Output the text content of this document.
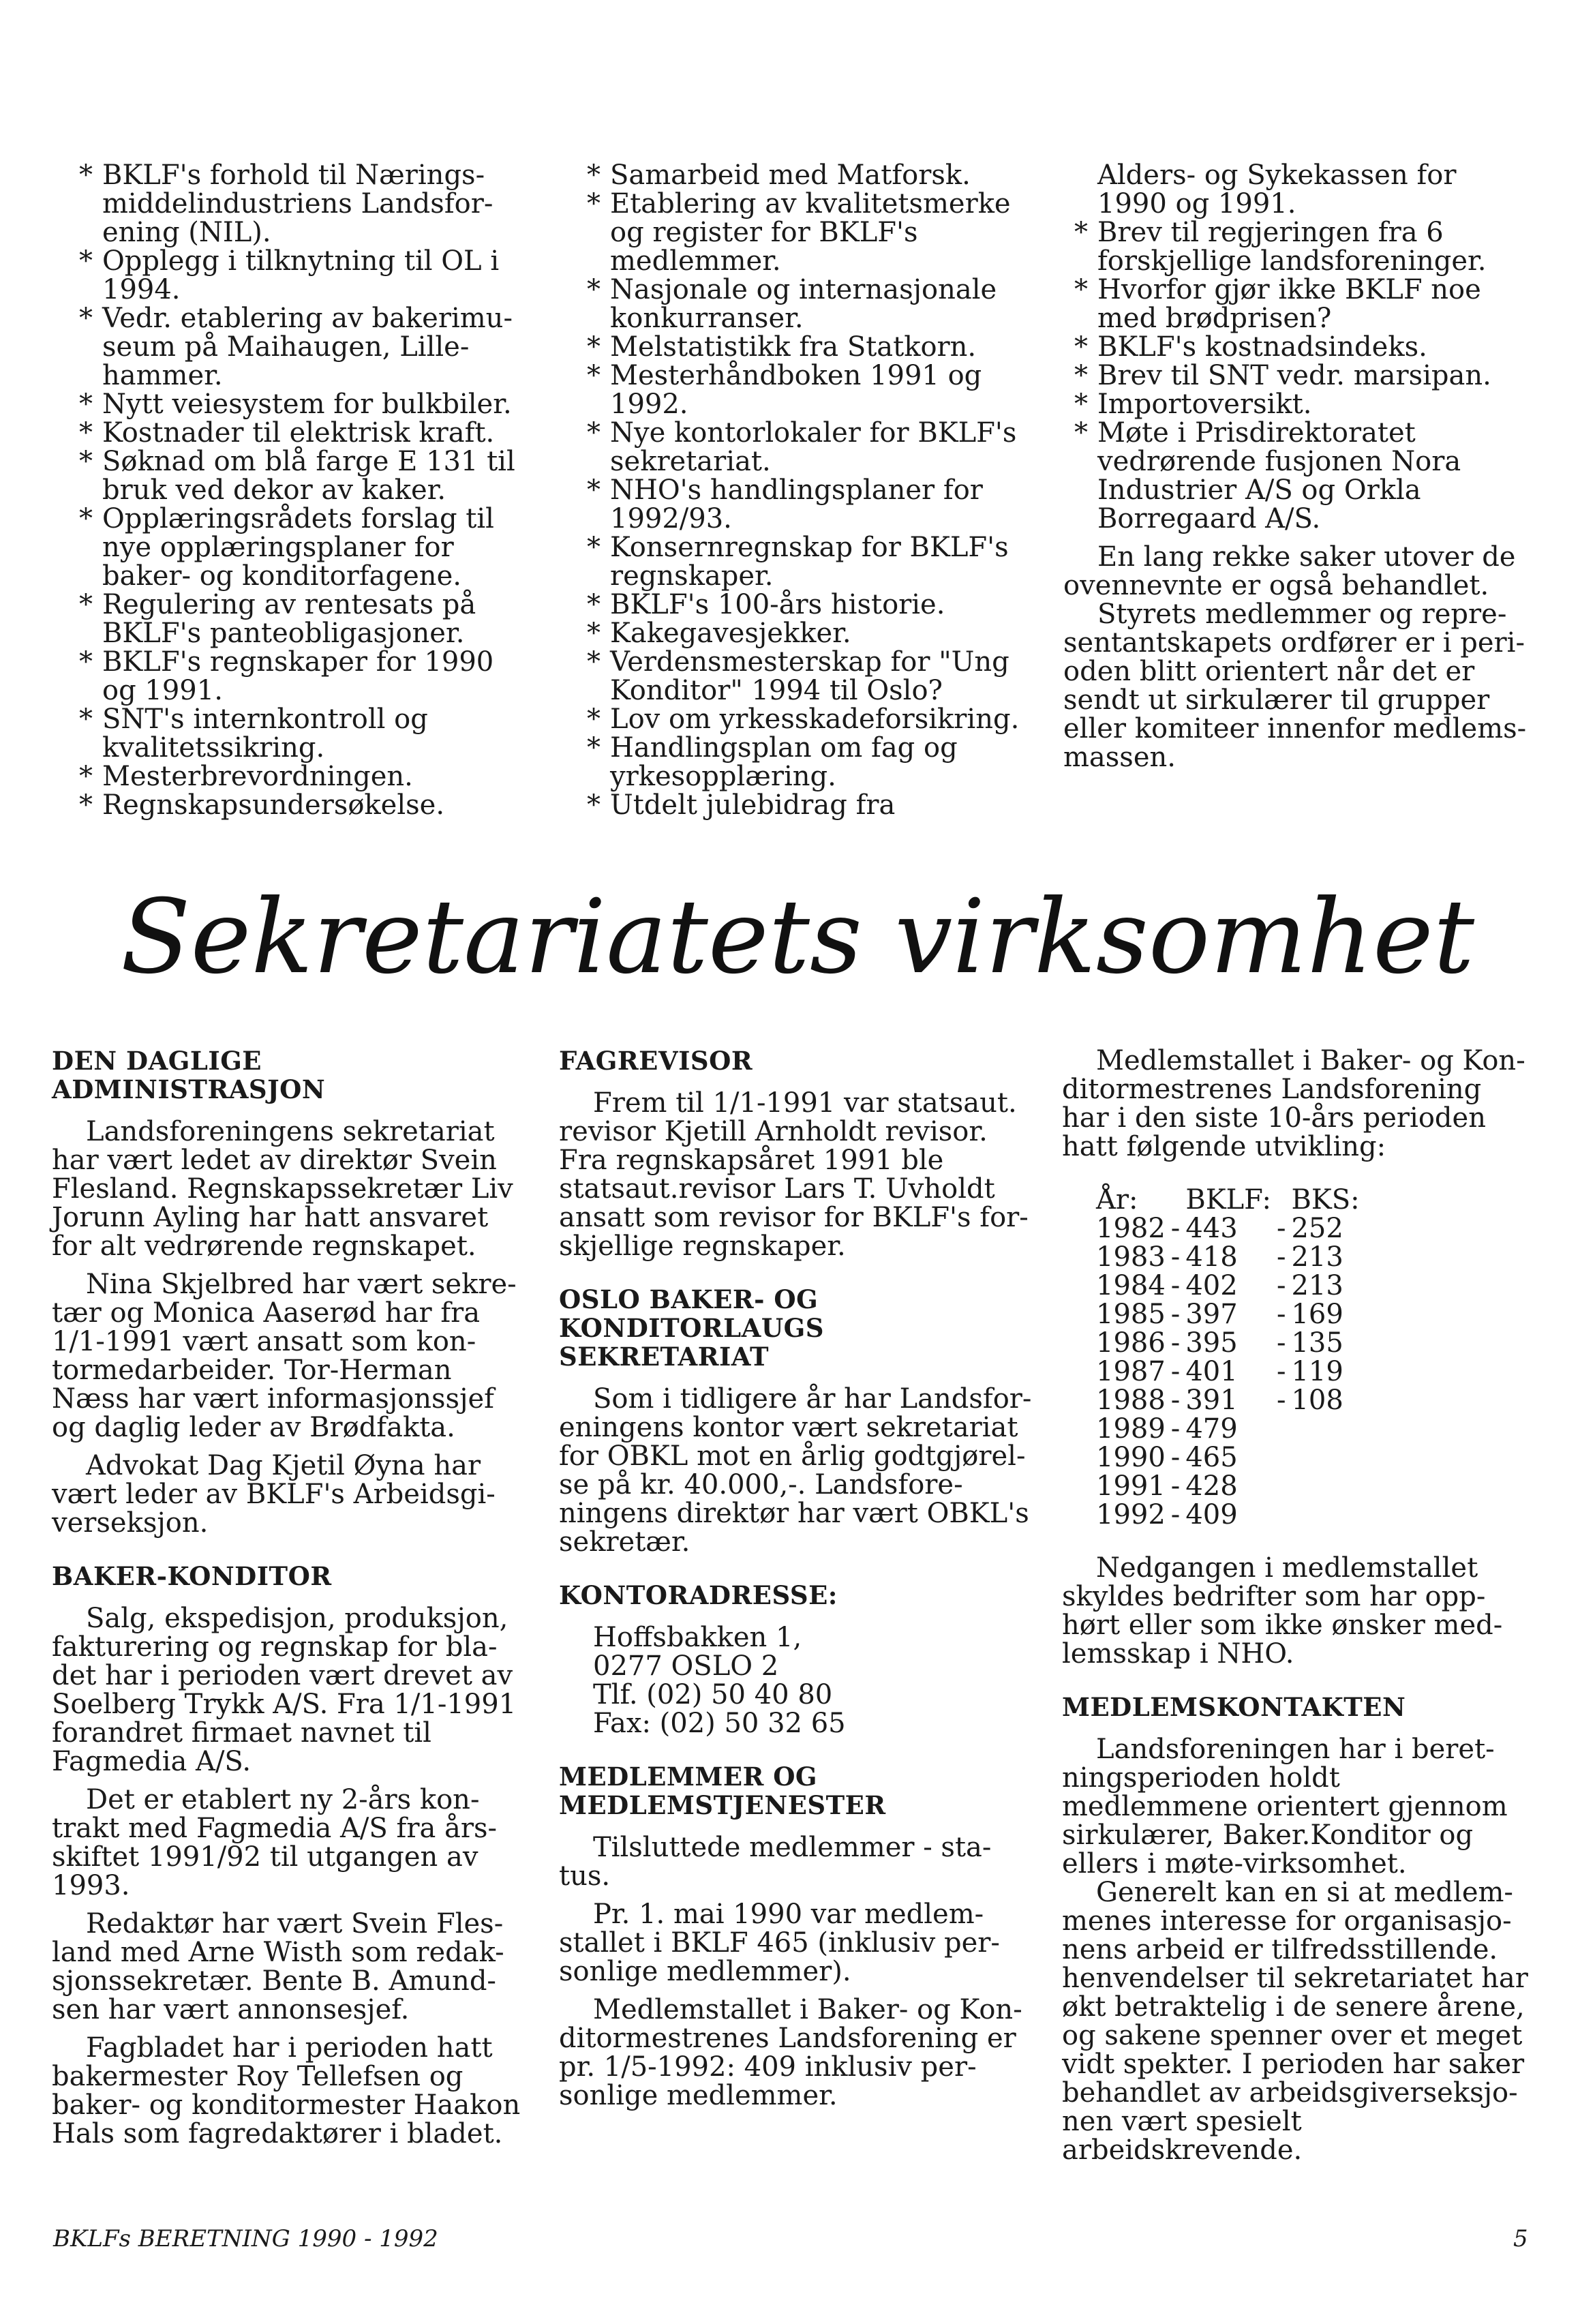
* BKLF's forhold til Nærings-middelindustriens Landsfor-ening (NIL).
* Opplegg i tilknytning til OL i 1994.
* Vedr. etablering av bakerimu-seum på Maihaugen, Lille-hammer.
* Nytt veiesystem for bulkbiler.
* Kostnader til elektrisk kraft.
* Søknad om blå farge E 131 til bruk ved dekor av kaker.
* Opplæringsrådets forslag til nye opplæringsplaner for baker- og konditorfagene.
* Regulering av rentesats på BKLF's panteobligasjoner.
* BKLF's regnskaper for 1990 og 1991.
* SNT's internkontroll og kvalitetssikring.
* Mesterbrevordningen.
* Regnskapsundersøkelse.
* Samarbeid med Matforsk.
* Etablering av kvalitetsmerke og register for BKLF's medlemmer.
* Nasjonale og internasjonale konkurranser.
* Melstatistikk fra Statkorn.
* Mesterhåndboken 1991 og 1992.
* Nye kontorlokaler for BKLF's sekretariat.
* NHO's handlingsplaner for 1992/93.
* Konsernregnskap for BKLF's regnskaper.
* BKLF's 100-års historie.
* Kakegavesjekker.
* Verdensmesterskap for "Ung Konditor" 1994 til Oslo?
* Lov om yrkesskadeforsikring.
* Handlingsplan om fag og yrkesopplæring.
* Utdelt julebidrag fra

Alders- og Sykekassen for 1990 og 1991.

* Brev til regjeringen fra 6 forskjellige landsforeninger.
* Hvorfor gjør ikke BKLF noe med brødprisen?
* BKLF's kostnadsindeks.
* Brev til SNT vedr. marsipan.
* Importoversikt.
* Møte i Prisdirektoratet vedrørende fusjonen Nora Industrier A/S og Orkla Borregaard A/S.

En lang rekke saker utover de ovennevnte er også behandlet.

Styrets medlemmer og repre-sentantskapets ordfører er i peri-oden blitt orientert når det er sendt ut sirkulærer til grupper eller komiteer innenfor medlems-massen.

Sekretariatets virksomhet
DEN DAGLIGE ADMINISTRASJON

Landsforeningens sekretariat har vært ledet av direktør Svein Flesland. Regnskapssekretær Liv Jorunn Ayling har hatt ansvaret for alt vedrørende regnskapet.

Nina Skjelbred har vært sekre-tær og Monica Aaserød har fra 1/1-1991 vært ansatt som kon-tormedarbeider. Tor-Herman Næss har vært informasjonssjef og daglig leder av Brødfakta.

Advokat Dag Kjetil Øyna har vært leder av BKLF's Arbeidsgi-verseksjon.

BAKER-KONDITOR

Salg, ekspedisjon, produksjon, fakturering og regnskap for bla-det har i perioden vært drevet av Soelberg Trykk A/S. Fra 1/1-1991 forandret firmaet navnet til Fagmedia A/S.

Det er etablert ny 2-års kon-trakt med Fagmedia A/S fra års-skiftet 1991/92 til utgangen av 1993.

Redaktør har vært Svein Fles-land med Arne Wisth som redak-sjonssekretær. Bente B. Amund-sen har vært annonsesjef.

Fagbladet har i perioden hatt bakermester Roy Tellefsen og baker- og konditormester Haakon Hals som fagredaktører i bladet.

FAGREVISOR

Frem til 1/1-1991 var statsaut. revisor Kjetill Arnholdt revisor. Fra regnskapsåret 1991 ble statsaut.revisor Lars T. Uvholdt ansatt som revisor for BKLF's for-skjellige regnskaper.

OSLO BAKER- OG KONDITORLAUGS SEKRETARIAT

Som i tidligere år har Landsfor-eningens kontor vært sekretariat for OBKL mot en årlig godtgjørel-se på kr. 40.000,-. Landsfore-ningens direktør har vært OBKL's sekretær.

KONTORADRESSE:

Hoffsbakken 1,

0277 OSLO 2

Tlf. (02) 50 40 80

Fax: (02) 50 32 65

MEDLEMMER OG MEDLEMSTJENESTER

Tilsluttede medlemmer - sta-tus.

Pr. 1. mai 1990 var medlem-stallet i BKLF 465 (inklusiv per-sonlige medlemmer).

Medlemstallet i Baker- og Kon-ditormestrenes Landsforening er pr. 1/5-1992: 409 inklusiv per-sonlige medlemmer.

Medlemstallet i Baker- og Kon-ditormestrenes Landsforening har i den siste 10-års perioden hatt følgende utvikling:

År:		BKLF:		BKS:
1982	-	443	-	252
1983	-	418	-	213
1984	-	402	-	213
1985	-	397	-	169
1986	-	395	-	135
1987	-	401	-	119
1988	-	391	-	108
1989	-	479		
1990	-	465		
1991	-	428		
1992	-	409		

Nedgangen i medlemstallet skyldes bedrifter som har opp-hørt eller som ikke ønsker med-lemsskap i NHO.

MEDLEMSKONTAKTEN

Landsforeningen har i beret-ningsperioden holdt medlemmene orientert gjennom sirkulærer, Baker.Konditor og ellers i møte-virksomhet.

Generelt kan en si at medlem-menes interesse for organisasjo-nens arbeid er tilfredsstillende. henvendelser til sekretariatet har økt betraktelig i de senere årene, og sakene spenner over et meget vidt spekter. I perioden har saker behandlet av arbeidsgiverseksjo-nen vært spesielt arbeidskrevende.

BKLFs BERETNING 1990 - 1992	5
